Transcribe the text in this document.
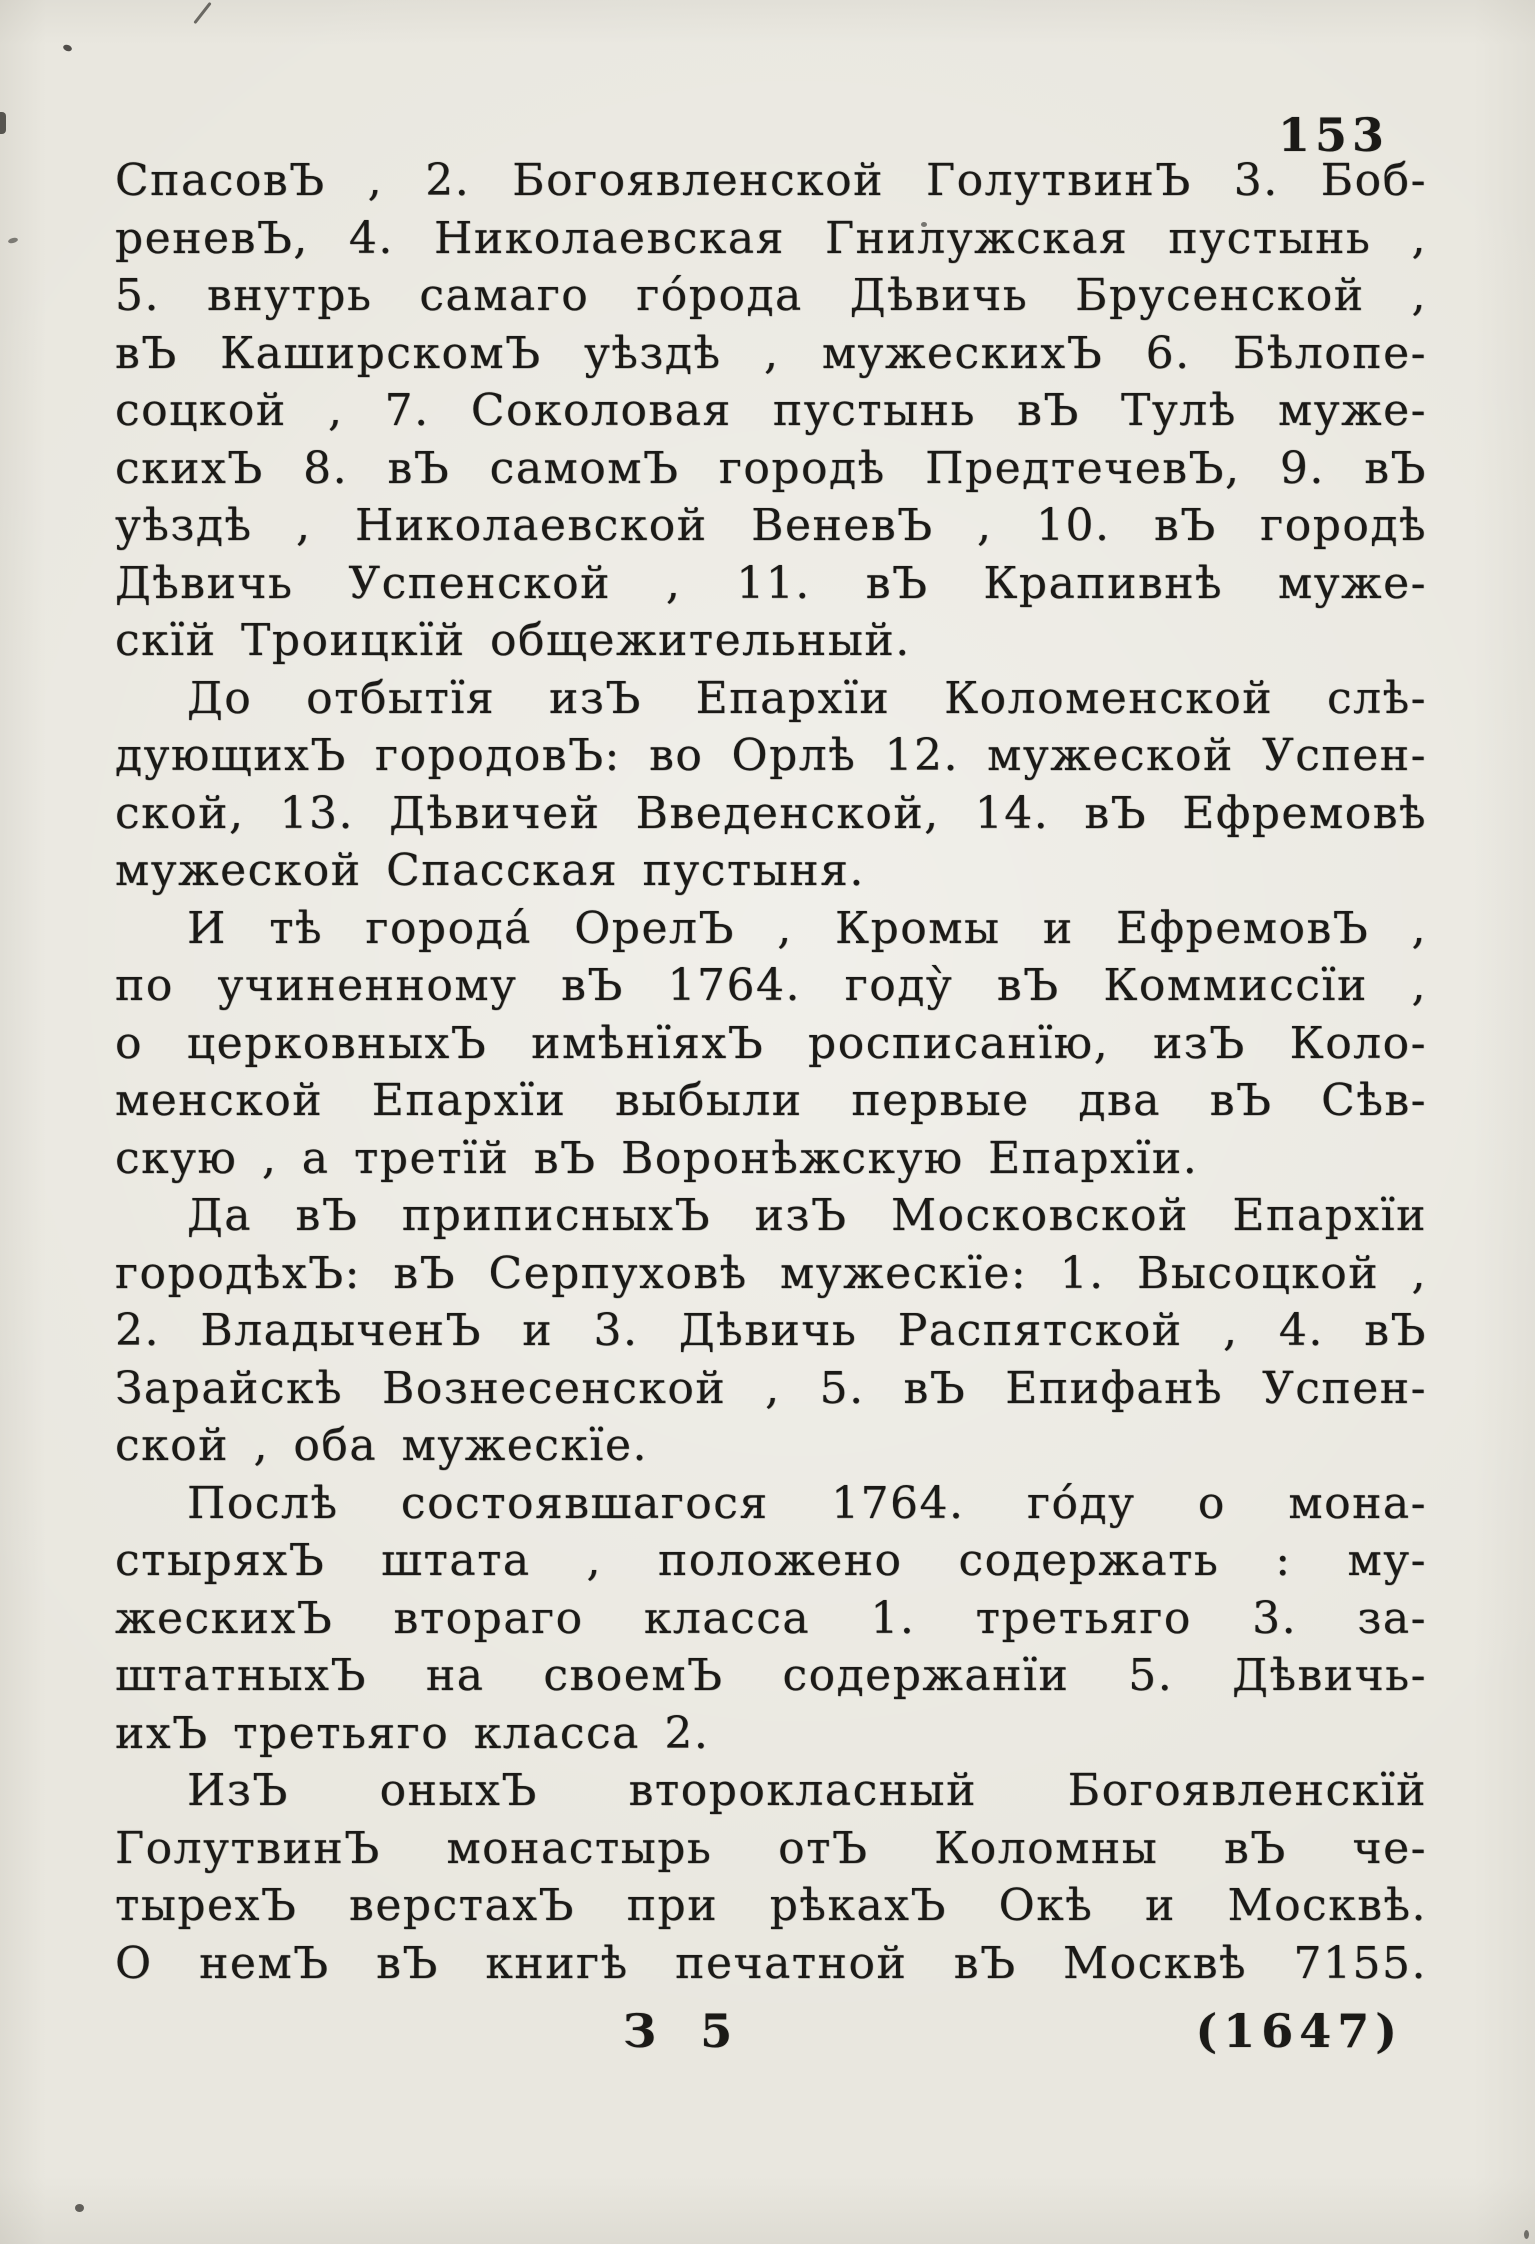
153
СпасовЪ , 2. Богоявленской ГолутвинЪ 3. Боб-
реневЪ, 4. Николаевская Гнилужская пустынь ,
5. внутрь самаго го́рода Дѣвичь Брусенской ,
вЪ КаширскомЪ уѣздѣ , мужескихЪ 6. Бѣлопе-
соцкой , 7. Соколовая пустынь вЪ Тулѣ муже-
скихЪ 8. вЪ самомЪ городѣ ПредтечевЪ, 9. вЪ
уѣздѣ , Николаевской ВеневЪ , 10. вЪ городѣ
Дѣвичь Успенской , 11. вЪ Крапивнѣ муже-
скїй Троицкїй общежительный.
До отбытїя изЪ Епархїи Коломенской слѣ-
дующихЪ городовЪ: во Орлѣ 12. мужеской Успен-
ской, 13. Дѣвичей Введенской, 14. вЪ Ефремовѣ
мужеской Спасская пустыня.
И тѣ города́ ОрелЪ , Кромы и ЕфремовЪ ,
по учиненному вЪ 1764. году̀ вЪ Коммиссїи ,
о церковныхЪ имѣнїяхЪ росписанїю, изЪ Коло-
менской Епархїи выбыли первые два вЪ Сѣв-
скую , а третїй вЪ Воронѣжскую Епархїи.
Да вЪ приписныхЪ изЪ Московской Епархїи
городѣхЪ: вЪ Серпуховѣ мужескїе: 1. Высоцкой ,
2. ВладыченЪ и 3. Дѣвичь Распятской , 4. вЪ
Зарайскѣ Вознесенской , 5. вЪ Епифанѣ Успен-
ской , оба мужескїе.
Послѣ состоявшагося 1764. го́ду о мона-
стыряхЪ штата , положено содержать : му-
жескихЪ втораго класса 1. третьяго 3. за-
штатныхЪ на своемЪ содержанїи 5. Дѣвичь-
ихЪ третьяго класса 2.
ИзЪ оныхЪ второкласный Богоявленскїй
ГолутвинЪ монастырь отЪ Коломны вЪ че-
тырехЪ верстахЪ при рѣкахЪ Окѣ и Москвѣ.
О немЪ вЪ книгѣ печатной вЪ Москвѣ 7155.
З 5	(1647)
